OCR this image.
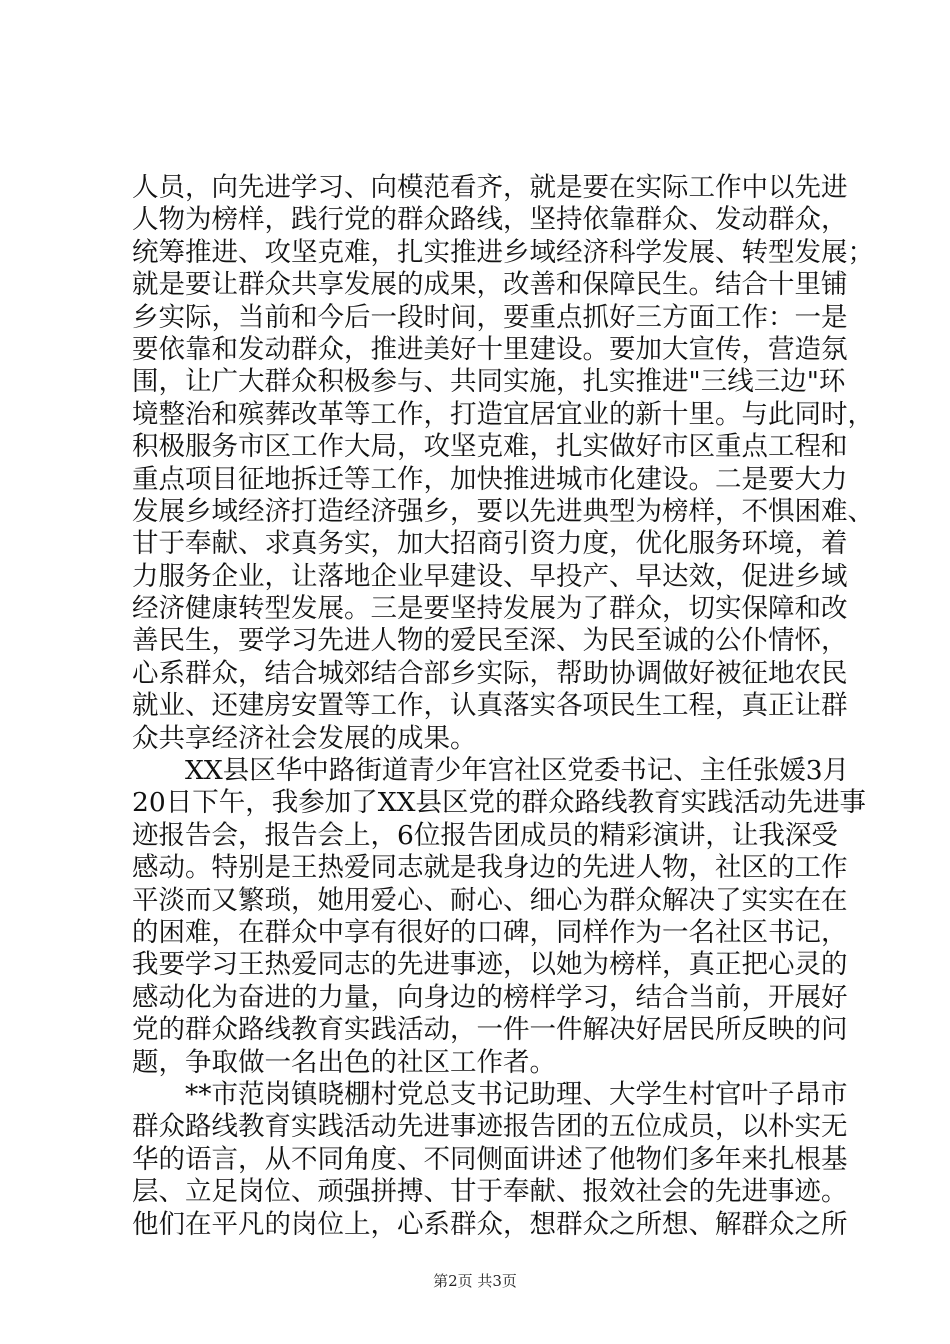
人员，向先进学习、向模范看齐，就是要在实际工作中以先进
人物为榜样，践行党的群众路线，坚持依靠群众、发动群众，
统筹推进、攻坚克难，扎实推进乡域经济科学发展、转型发展；
就是要让群众共享发展的成果，改善和保障民生。结合十里铺
乡实际，当前和今后一段时间，要重点抓好三方面工作：一是
要依靠和发动群众，推进美好十里建设。要加大宣传，营造氛
围，让广大群众积极参与、共同实施，扎实推进"三线三边"环
境整治和殡葬改革等工作，打造宜居宜业的新十里。与此同时，
积极服务市区工作大局，攻坚克难，扎实做好市区重点工程和
重点项目征地拆迁等工作，加快推进城市化建设。二是要大力
发展乡域经济打造经济强乡，要以先进典型为榜样，不惧困难、
甘于奉献、求真务实，加大招商引资力度，优化服务环境，着
力服务企业，让落地企业早建设、早投产、早达效，促进乡域
经济健康转型发展。三是要坚持发展为了群众，切实保障和改
善民生，要学习先进人物的爱民至深、为民至诚的公仆情怀，
心系群众，结合城郊结合部乡实际，帮助协调做好被征地农民
就业、还建房安置等工作，认真落实各项民生工程，真正让群
众共享经济社会发展的成果。
XX县区华中路街道青少年宫社区党委书记、主任张媛3月
20日下午，我参加了XX县区党的群众路线教育实践活动先进事
迹报告会，报告会上，6位报告团成员的精彩演讲，让我深受
感动。特别是王热爱同志就是我身边的先进人物，社区的工作
平淡而又繁琐，她用爱心、耐心、细心为群众解决了实实在在
的困难，在群众中享有很好的口碑，同样作为一名社区书记，
我要学习王热爱同志的先进事迹，以她为榜样，真正把心灵的
感动化为奋进的力量，向身边的榜样学习，结合当前，开展好
党的群众路线教育实践活动，一件一件解决好居民所反映的问
题，争取做一名出色的社区工作者。
**市范岗镇晓棚村党总支书记助理、大学生村官叶子昂市
群众路线教育实践活动先进事迹报告团的五位成员，以朴实无
华的语言，从不同角度、不同侧面讲述了他物们多年来扎根基
层、立足岗位、顽强拼搏、甘于奉献、报效社会的先进事迹。
他们在平凡的岗位上，心系群众，想群众之所想、解群众之所
第2页 共3页
